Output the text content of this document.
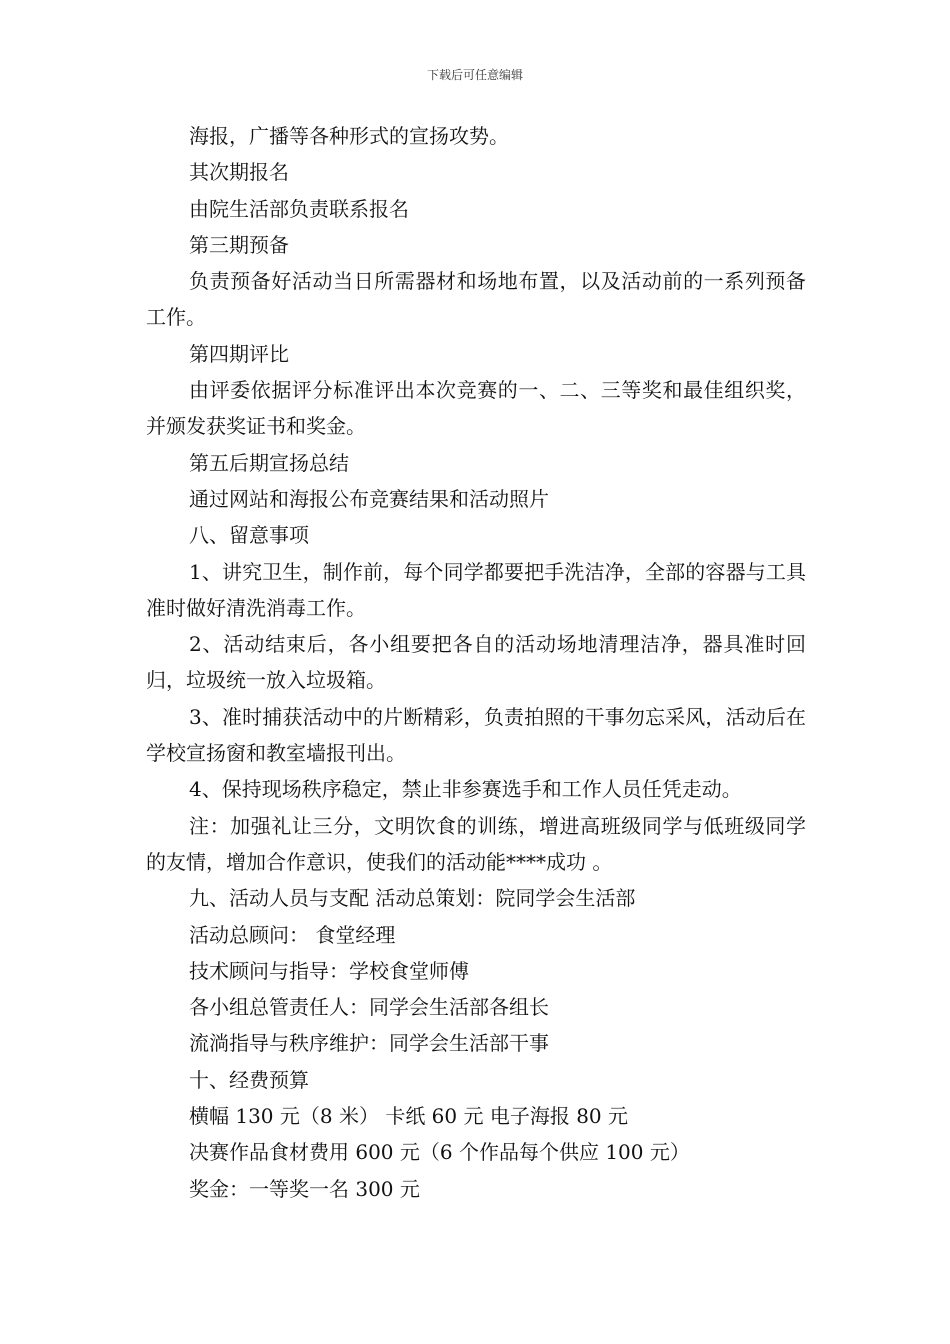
下载后可任意编辑

海报，广播等各种形式的宣扬攻势。

其次期报名

由院生活部负责联系报名

第三期预备

负责预备好活动当日所需器材和场地布置，以及活动前的一系列预备工作。

第四期评比

由评委依据评分标准评出本次竞赛的一、二、三等奖和最佳组织奖，并颁发获奖证书和奖金。

第五后期宣扬总结

通过网站和海报公布竞赛结果和活动照片

八、留意事项

1、讲究卫生，制作前，每个同学都要把手洗洁净，全部的容器与工具准时做好清洗消毒工作。

2、活动结束后，各小组要把各自的活动场地清理洁净，器具准时回归，垃圾统一放入垃圾箱。

3、准时捕获活动中的片断精彩，负责拍照的干事勿忘采风，活动后在学校宣扬窗和教室墙报刊出。

4、保持现场秩序稳定，禁止非参赛选手和工作人员任凭走动。

注：加强礼让三分，文明饮食的训练，增进高班级同学与低班级同学的友情，增加合作意识，使我们的活动能****成功 。

九、活动人员与支配 活动总策划：院同学会生活部

活动总顾问： 食堂经理

技术顾问与指导：学校食堂师傅

各小组总管责任人：同学会生活部各组长

流淌指导与秩序维护：同学会生活部干事

十、经费预算

横幅 130 元（8 米） 卡纸 60 元 电子海报 80 元

决赛作品食材费用 600 元（6 个作品每个供应 100 元）

奖金：一等奖一名 300 元
